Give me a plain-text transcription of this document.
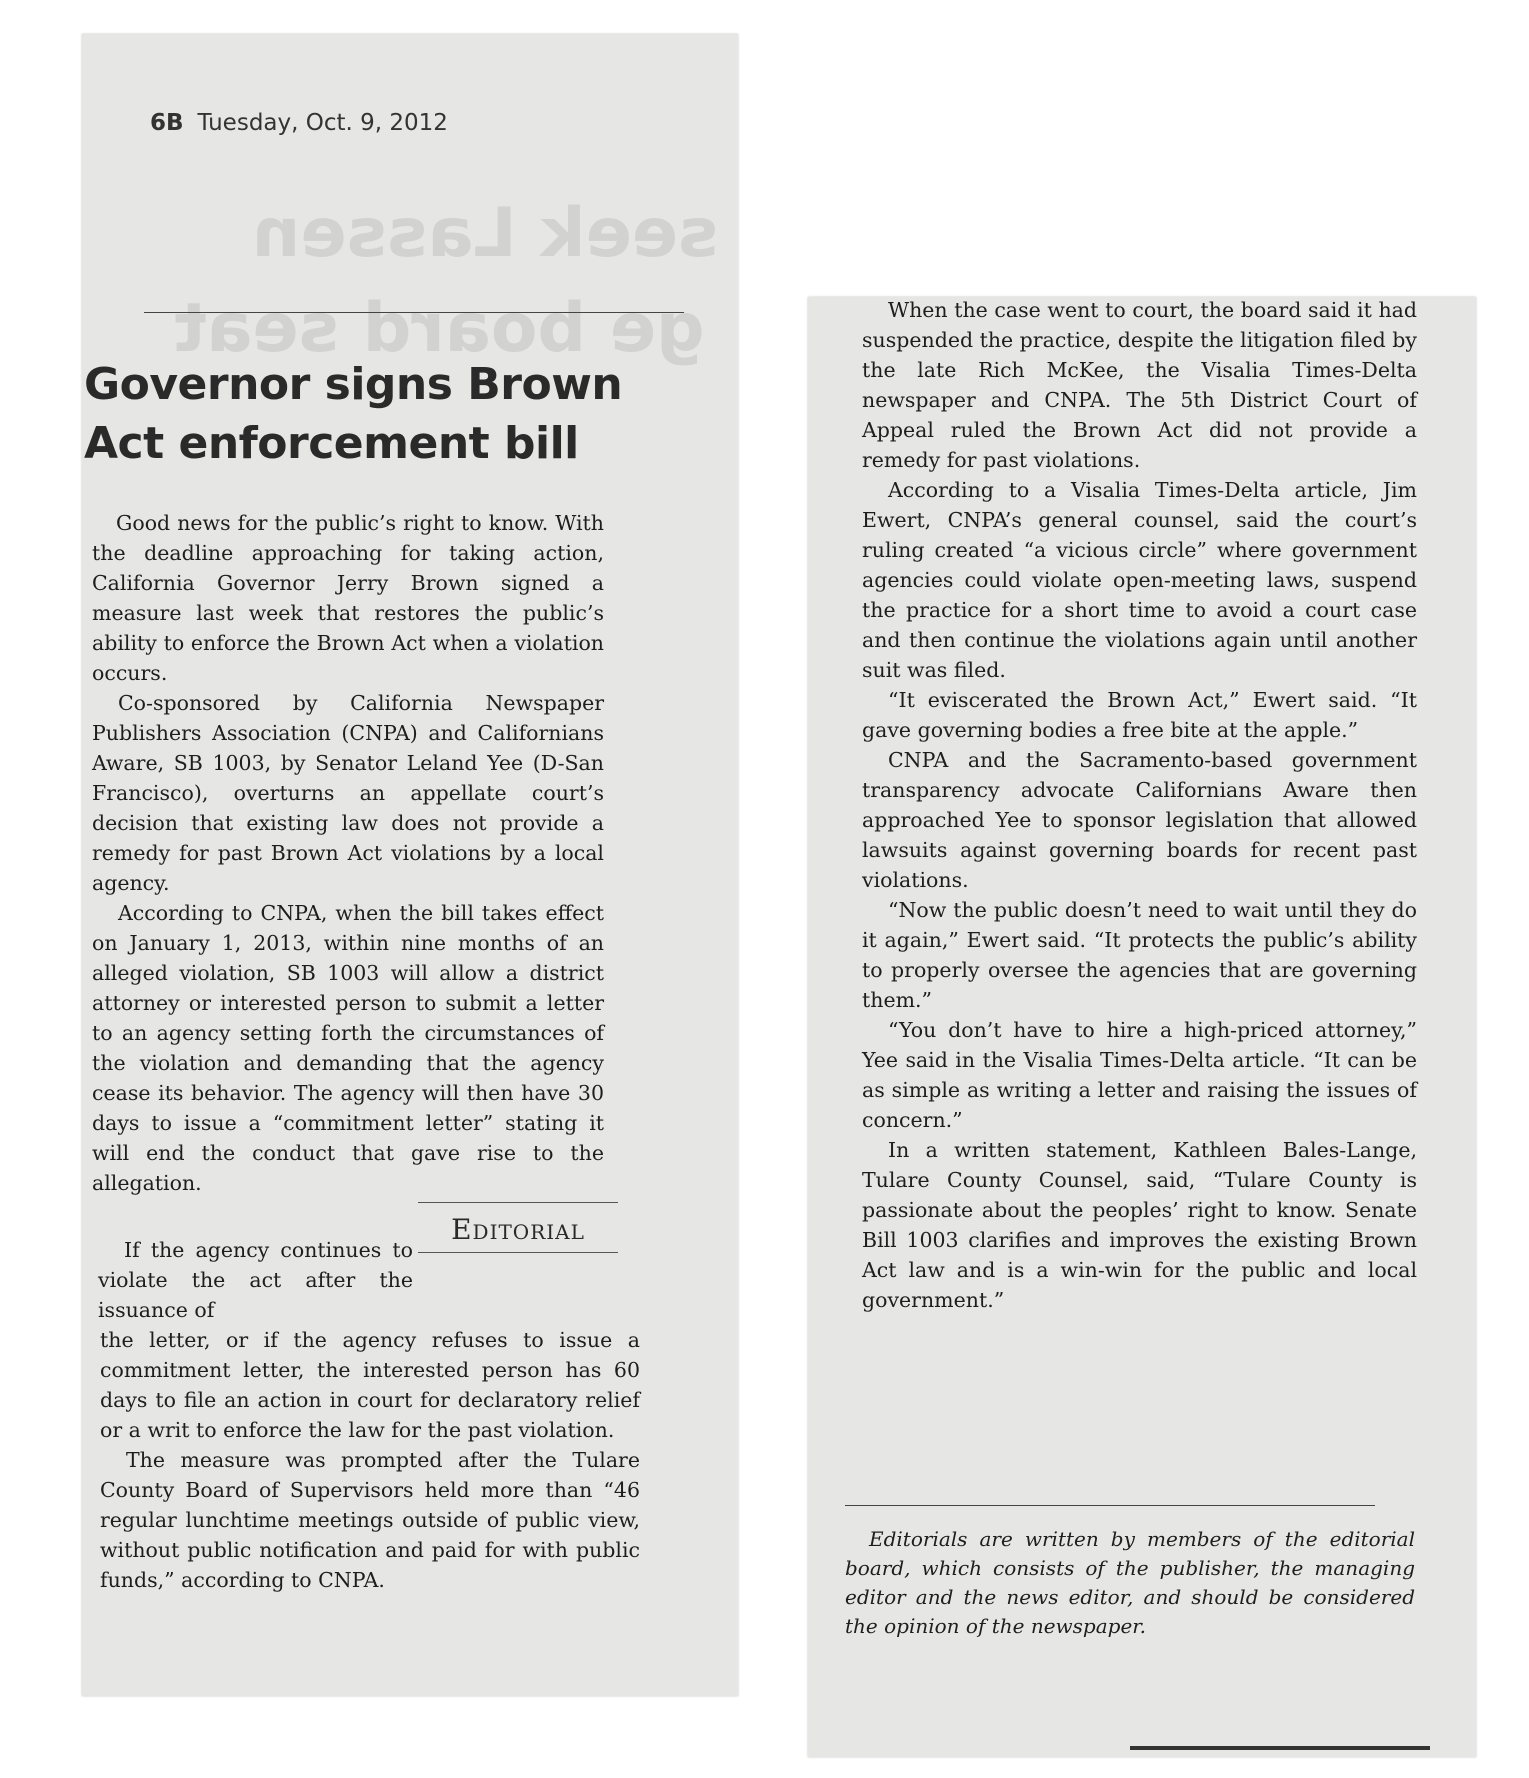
6B Tuesday, Oct. 9, 2012
seek Lassen
ge board seat
Governor signs Brown Act enforcement bill

Good news for the public’s right to know. With the deadline approaching for taking action, California Governor Jerry Brown signed a measure last week that restores the public’s ability to enforce the Brown Act when a violation occurs.

Co-sponsored by California Newspaper Publishers Association (CNPA) and Californians Aware, SB 1003, by Senator Leland Yee (D-San Francisco), overturns an appellate court’s decision that existing law does not provide a remedy for past Brown Act violations by a local agency.

According to CNPA, when the bill takes effect on January 1, 2013, within nine months of an alleged violation, SB 1003 will allow a district attorney or interested person to submit a letter to an agency setting forth the circumstances of the violation and demanding that the agency cease its behavior. The agency will then have 30 days to issue a “commitment letter” stating it will end the conduct that gave rise to the allegation.

Editorial

If the agency continues to violate the act after the issuance of

the letter, or if the agency refuses to issue a commitment letter, the interested person has 60 days to file an action in court for declaratory relief or a writ to enforce the law for the past violation.

The measure was prompted after the Tulare County Board of Supervisors held more than “46 regular lunchtime meetings outside of public view, without public notification and paid for with public funds,” according to CNPA.

When the case went to court, the board said it had suspended the practice, despite the litigation filed by the late Rich McKee, the Visalia Times-Delta newspaper and CNPA. The 5th District Court of Appeal ruled the Brown Act did not provide a remedy for past violations.

According to a Visalia Times-Delta article, Jim Ewert, CNPA’s general counsel, said the court’s ruling created “a vicious circle” where government agencies could violate open-meeting laws, suspend the practice for a short time to avoid a court case and then continue the violations again until another suit was filed.

“It eviscerated the Brown Act,” Ewert said. “It gave governing bodies a free bite at the apple.”

CNPA and the Sacramento-based government transparency advocate Californians Aware then approached Yee to sponsor legislation that allowed lawsuits against governing boards for recent past violations.

“Now the public doesn’t need to wait until they do it again,” Ewert said. “It protects the public’s ability to properly oversee the agencies that are governing them.”

“You don’t have to hire a high-priced attorney,” Yee said in the Visalia Times-Delta article. “It can be as simple as writing a letter and raising the issues of concern.”

In a written statement, Kathleen Bales-Lange, Tulare County Counsel, said, “Tulare County is passionate about the peoples’ right to know. Senate Bill 1003 clarifies and improves the existing Brown Act law and is a win-win for the public and local government.”

Editorials are written by members of the editorial board, which consists of the publisher, the managing editor and the news editor, and should be considered the opinion of the newspaper.
